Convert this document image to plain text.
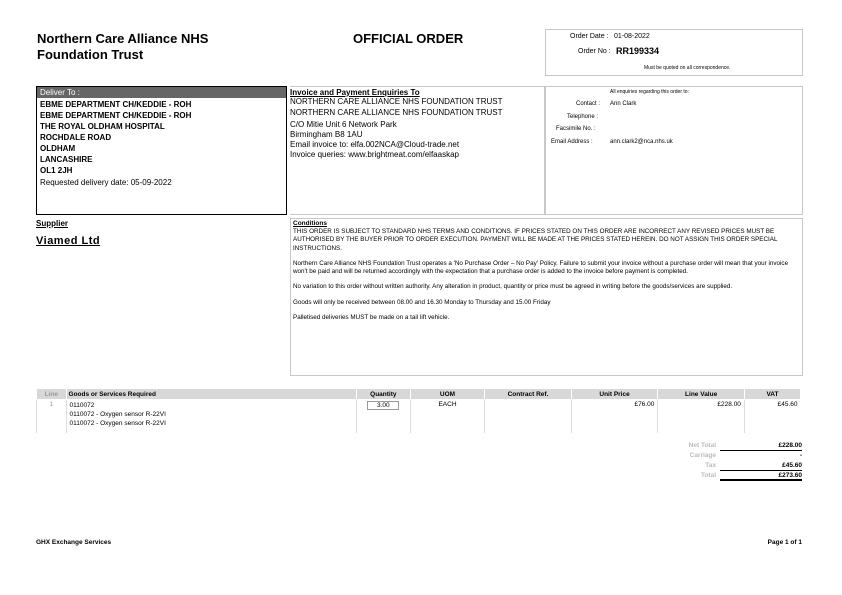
Northern Care Alliance NHS
Foundation Trust
OFFICIAL ORDER	Order Date : 01-08-2022
Order No : RR199334
Must be quoted on all correspondence.
Deliver To :
EBME DEPARTMENT CH/KEDDIE - ROH
EBME DEPARTMENT CH/KEDDIE - ROH
THE ROYAL OLDHAM HOSPITAL
ROCHDALE ROAD
OLDHAM
LANCASHIRE
OL1 2JH
Requested delivery date: 05-09-2022
Invoice and Payment Enquiries To
NORTHERN CARE ALLIANCE NHS FOUNDATION TRUST
NORTHERN CARE ALLIANCE NHS FOUNDATION TRUST
C/O Mitie Unit 6 Network Park
Birmingham B8 1AU
Email invoice to: elfa.002NCA@Cloud-trade.net
Invoice queries: www.brightmeat.com/elfaaskap
All enquiries regarding this order to:
Contact : Ann Clark
Telephone :
Facsimile No. :
Email Address :	ann.clark2@nca.nhs.uk
Supplier
Viamed Ltd
Conditions

THIS ORDER IS SUBJECT TO STANDARD NHS TERMS AND CONDITIONS. IF PRICES STATED ON THIS ORDER ARE INCORRECT ANY REVISED PRICES MUST BE AUTHORISED BY THE BUYER PRIOR TO ORDER EXECUTION. PAYMENT WILL BE MADE AT THE PRICES STATED HEREIN. DO NOT ASSIGN THIS ORDER SPECIAL INSTRUCTIONS.

Northern Care Alliance NHS Foundation Trust operates a 'No Purchase Order – No Pay' Policy. Failure to submit your invoice without a purchase order will mean that your invoice won't be paid and will be returned accordingly with the expectation that a purchase order is added to the invoice before payment is completed.

No variation to this order without written authority. Any alteration in product, quantity or price must be agreed in writing before the goods/services are supplied.

Goods will only be received between 08.00 and 16.30 Monday to Thursday and 15.00 Friday

Palletised deliveries MUST be made on a tail lift vehicle.

Line	Goods or Services Required	Quantity	UOM	Contract Ref.	Unit Price	Line Value	VAT
1	0110072
0110072 - Oxygen sensor R-22VI
0110072 - Oxygen sensor R-22VI	3.00	EACH		£76.00	£228.00	£45.60
Net Total	£228.00
Carriage	-
Tax	£45.60
Total	£273.60
GHX Exchange Services	Page 1 of 1
